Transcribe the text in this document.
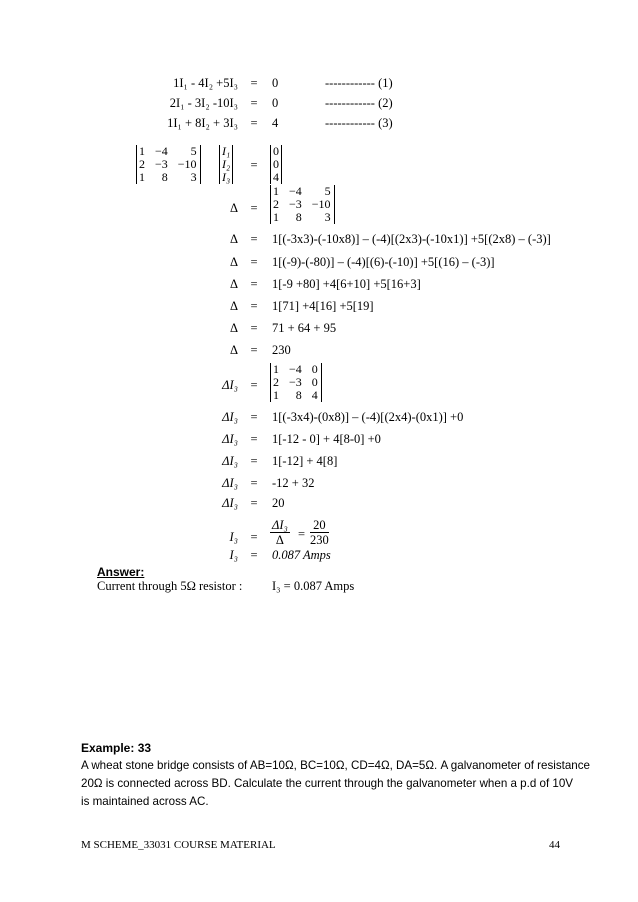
1I₁ - 4I₂ +5I₃ =	0	------------ (1)
2I₁ - 3I₂ -10I₃ =	0	------------ (2)
1I₁ + 8I₂ + 3I₃ =	4	------------ (3)
1	−4	5
2	−3	−10
1	8	3
I₁
I₂
I₃
=
0
0
4
Δ =
1	−4	5
2	−3	−10
1	8	3
Δ =	1[(-3x3)-(-10x8)] – (-4)[(2x3)-(-10x1)] +5[(2x8) – (-3)]
Δ =	1[(-9)-(-80)] – (-4)[(6)-(-10)] +5[(16) – (-3)]
Δ =	1[-9 +80] +4[6+10] +5[16+3]
Δ =	1[71] +4[16] +5[19]
Δ =	71 + 64 + 95
Δ =	230
ΔI₃ =
1	−4	0
2	−3	0
1	8	4
ΔI₃ =	1[(-3x4)-(0x8)] – (-4)[(2x4)-(0x1)] +0
ΔI₃ =	1[-12 - 0] + 4[8-0] +0
ΔI₃ =	1[-12] + 4[8]
ΔI₃ =	-12 + 32
ΔI₃ =	20
$I_3 = \frac{\text{ΔI₃}}{\Delta} = \frac{20}{230}$
I₃ =	0.087 Amps
Answer:
Current through 5Ω resistor : I₃ = 0.087 Amps
Example: 33
A wheat stone bridge consists of AB=10Ω, BC=10Ω, CD=4Ω, DA=5Ω. A galvanometer of resistance
20Ω is connected across BD. Calculate the current through the galvanometer when a p.d of 10V
is maintained across AC.
M SCHEME_33031 COURSE MATERIAL	44
